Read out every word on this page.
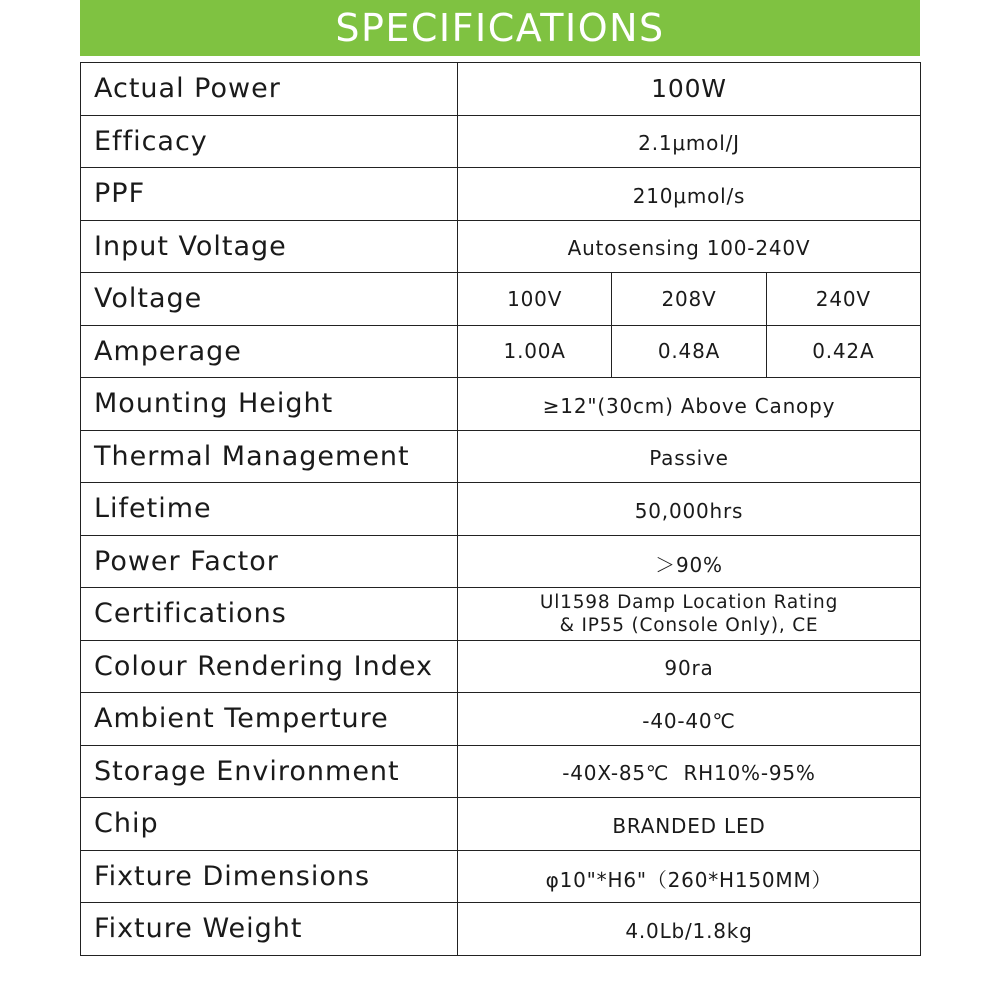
SPECIFICATIONS
Actual Power	100W		
Efficacy	2.1μmol/J		
PPF	210μmol/s		
Input Voltage	Autosensing 100-240V		
Voltage	100V	208V	240V
Amperage	1.00A	0.48A	0.42A
Mounting Height	≥12"(30cm) Above Canopy		
Thermal Management	Passive		
Lifetime	50,000hrs		
Power Factor	＞90%		
Certifications	Ul1598 Damp Location Rating
& IP55 (Console Only), CE		

Colour Rendering Index	90ra		
Ambient Temperture	-40-40℃		
Storage Environment	-40X-85℃  RH10%-95%		
Chip	BRANDED LED		
Fixture Dimensions	φ10"*H6"（260*H150MM）		
Fixture Weight	4.0Lb/1.8kg		
